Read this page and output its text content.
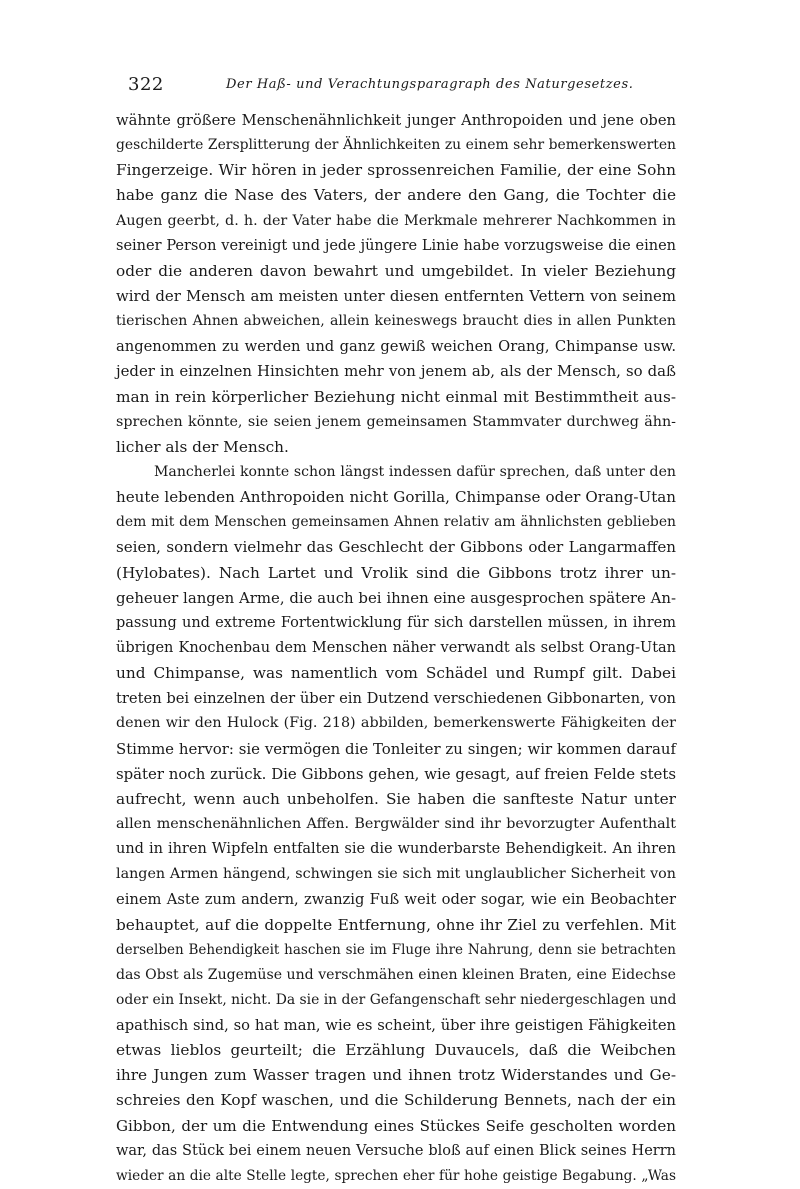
322	Der Haß- und Verachtungsparagraph des Naturgesetzes.
wähnte größere Menschenähnlichkeit junger Anthropoiden und jene oben
geschilderte Zersplitterung der Ähnlichkeiten zu einem sehr bemerkenswerten
Fingerzeige. Wir hören in jeder sprossenreichen Familie, der eine Sohn
habe ganz die Nase des Vaters, der andere den Gang, die Tochter die
Augen geerbt, d. h. der Vater habe die Merkmale mehrerer Nachkommen in
seiner Person vereinigt und jede jüngere Linie habe vorzugsweise die einen
oder die anderen davon bewahrt und umgebildet. In vieler Beziehung
wird der Mensch am meisten unter diesen entfernten Vettern von seinem
tierischen Ahnen abweichen, allein keineswegs braucht dies in allen Punkten
angenommen zu werden und ganz gewiß weichen Orang, Chimpanse usw.
jeder in einzelnen Hinsichten mehr von jenem ab, als der Mensch, so daß
man in rein körperlicher Beziehung nicht einmal mit Bestimmtheit aus-
sprechen könnte, sie seien jenem gemeinsamen Stammvater durchweg ähn-
licher als der Mensch.
Mancherlei konnte schon längst indessen dafür sprechen, daß unter den
heute lebenden Anthropoiden nicht Gorilla, Chimpanse oder Orang-Utan
dem mit dem Menschen gemeinsamen Ahnen relativ am ähnlichsten geblieben
seien, sondern vielmehr das Geschlecht der Gibbons oder Langarmaffen
(Hylobates). Nach Lartet und Vrolik sind die Gibbons trotz ihrer un-
geheuer langen Arme, die auch bei ihnen eine ausgesprochen spätere An-
passung und extreme Fortentwicklung für sich darstellen müssen, in ihrem
übrigen Knochenbau dem Menschen näher verwandt als selbst Orang-Utan
und Chimpanse, was namentlich vom Schädel und Rumpf gilt. Dabei
treten bei einzelnen der über ein Dutzend verschiedenen Gibbonarten, von
denen wir den Hulock (Fig. 218) abbilden, bemerkenswerte Fähigkeiten der
Stimme hervor: sie vermögen die Tonleiter zu singen; wir kommen darauf
später noch zurück. Die Gibbons gehen, wie gesagt, auf freien Felde stets
aufrecht, wenn auch unbeholfen. Sie haben die sanfteste Natur unter
allen menschenähnlichen Affen. Bergwälder sind ihr bevorzugter Aufenthalt
und in ihren Wipfeln entfalten sie die wunderbarste Behendigkeit. An ihren
langen Armen hängend, schwingen sie sich mit unglaublicher Sicherheit von
einem Aste zum andern, zwanzig Fuß weit oder sogar, wie ein Beobachter
behauptet, auf die doppelte Entfernung, ohne ihr Ziel zu verfehlen. Mit
derselben Behendigkeit haschen sie im Fluge ihre Nahrung, denn sie betrachten
das Obst als Zugemüse und verschmähen einen kleinen Braten, eine Eidechse
oder ein Insekt, nicht. Da sie in der Gefangenschaft sehr niedergeschlagen und
apathisch sind, so hat man, wie es scheint, über ihre geistigen Fähigkeiten
etwas lieblos geurteilt; die Erzählung Duvaucels, daß die Weibchen
ihre Jungen zum Wasser tragen und ihnen trotz Widerstandes und Ge-
schreies den Kopf waschen, und die Schilderung Bennets, nach der ein
Gibbon, der um die Entwendung eines Stückes Seife gescholten worden
war, das Stück bei einem neuen Versuche bloß auf einen Blick seines Herrn
wieder an die alte Stelle legte, sprechen eher für hohe geistige Begabung. „Was
